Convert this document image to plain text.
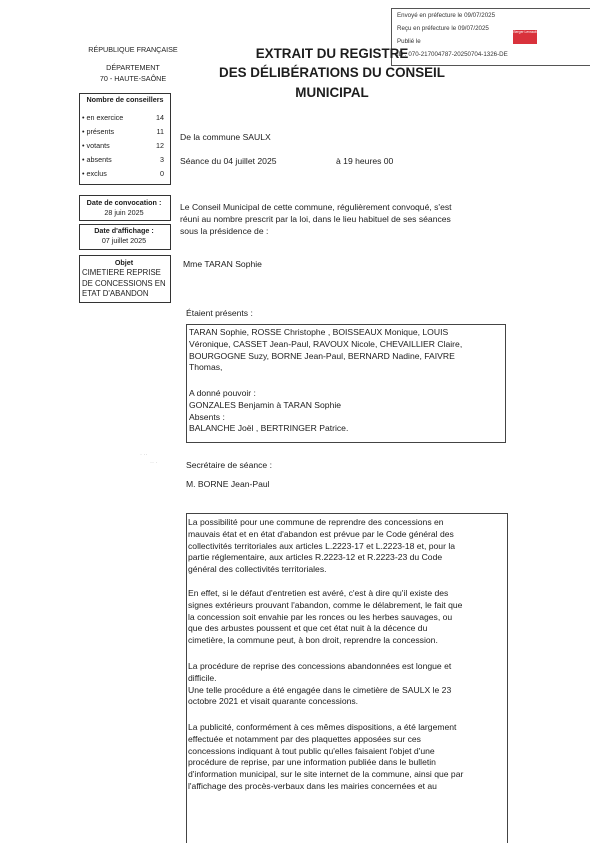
Envoyé en préfecture le 09/07/2025
Reçu en préfecture le 09/07/2025
Publié le
ID : 070-217004787-20250704-1326-DE
Berger Levrault
RÉPUBLIQUE FRANÇAISE
DÉPARTEMENT
70 - HAUTE-SAÔNE
EXTRAIT DU REGISTRE
DES DÉLIBÉRATIONS DU CONSEIL
MUNICIPAL
Nombre de conseillers
• en exercice	14
• présents	11
• votants	12
• absents	3
• exclus	0
Date de convocation :
28 juin 2025
Date d'affichage :
07 juillet 2025
Objet
CIMETIERE REPRISE
DE CONCESSIONS EN
ETAT D'ABANDON
De la commune SAULX
Séance du 04 juillet 2025	à 19 heures 00
Le Conseil Municipal de cette commune, régulièrement convoqué, s'est
réuni au nombre prescrit par la loi, dans le lieu habituel de ses séances
sous la présidence de :
Mme TARAN Sophie
Étaient présents :
TARAN Sophie, ROSSE Christophe , BOISSEAUX Monique, LOUIS
Véronique, CASSET Jean-Paul, RAVOUX Nicole, CHEVAILLIER Claire,
BOURGOGNE Suzy, BORNE Jean-Paul, BERNARD Nadine, FAIVRE
Thomas,
A donné pouvoir :
GONZALES Benjamin à TARAN Sophie
Absents :
BALANCHE Joël , BERTRINGER Patrice.
Secrétaire de séance :
M. BORNE Jean-Paul
La possibilité pour une commune de reprendre des concessions en
mauvais état et en état d'abandon est prévue par le Code général des
collectivités territoriales aux articles L.2223-17 et L.2223-18 et, pour la
partie réglementaire, aux articles R.2223-12 et R.2223-23 du Code
général des collectivités territoriales.
En effet, si le défaut d'entretien est avéré, c'est à dire qu'il existe des
signes extérieurs prouvant l'abandon, comme le délabrement, le fait que
la concession soit envahie par les ronces ou les herbes sauvages, ou
que des arbustes poussent et que cet état nuit à la décence du
cimetière, la commune peut, à bon droit, reprendre la concession.
La procédure de reprise des concessions abandonnées est longue et
difficile.
Une telle procédure a été engagée dans le cimetière de SAULX le 23
octobre 2021 et visait quarante concessions.
La publicité, conformément à ces mêmes dispositions, a été largement
effectuée et notamment par des plaquettes apposées sur ces
concessions indiquant à tout public qu'elles faisaient l'objet d'une
procédure de reprise, par une information publiée dans le bulletin
d'information municipal, sur le site internet de la commune, ainsi que par
l'affichage des procès-verbaux dans les mairies concernées et au
· ··
·· ·
